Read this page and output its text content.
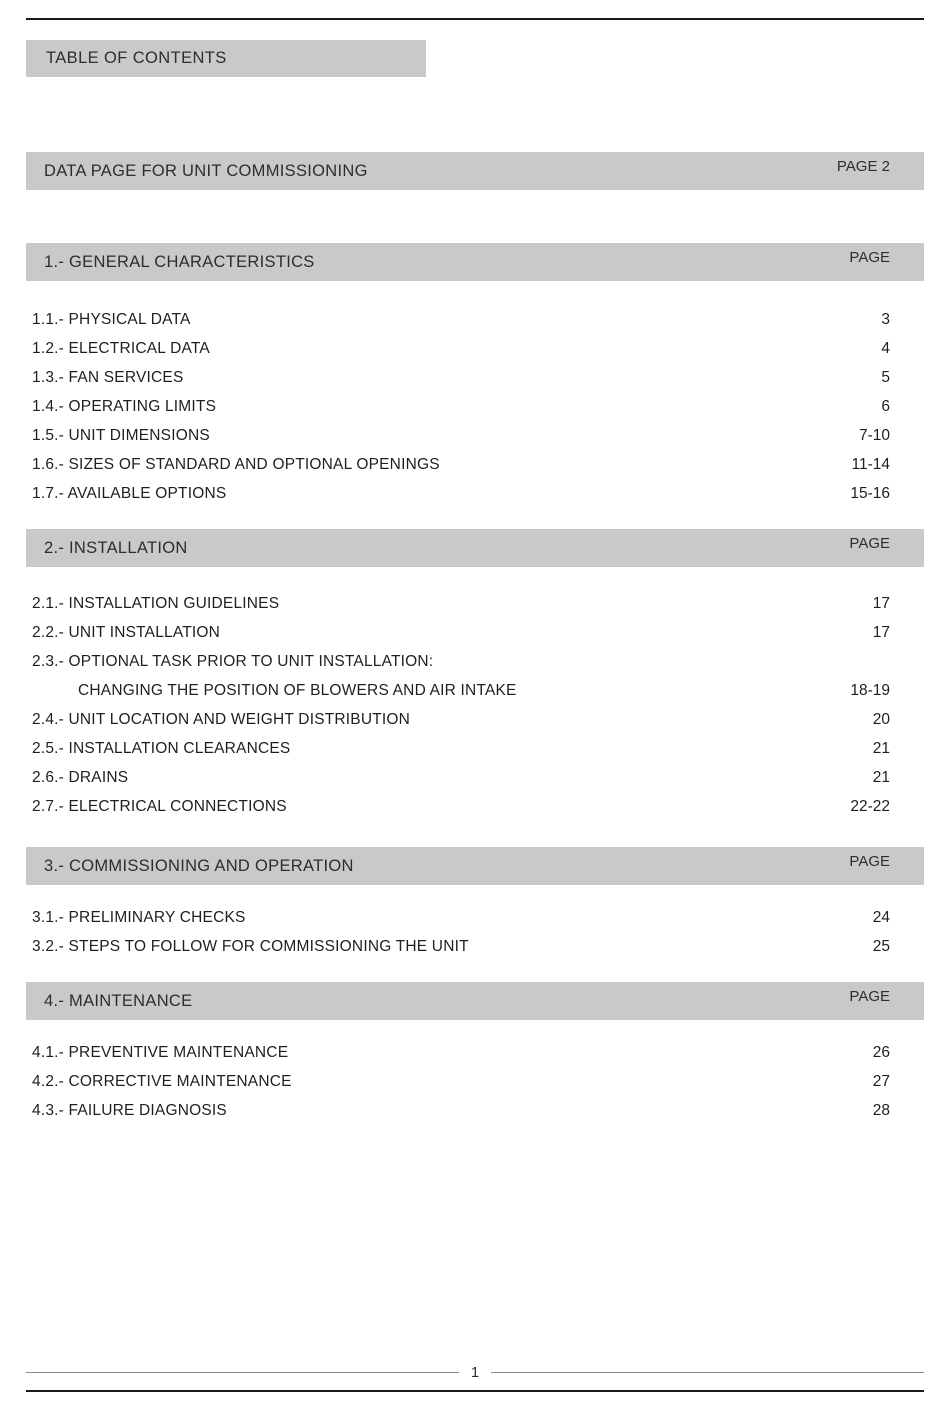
TABLE OF CONTENTS
DATA PAGE FOR UNIT COMMISSIONING	PAGE 2
1.- GENERAL CHARACTERISTICS	PAGE
1.1.- PHYSICAL DATA	3
1.2.- ELECTRICAL DATA	4
1.3.- FAN SERVICES	5
1.4.- OPERATING LIMITS	6
1.5.- UNIT DIMENSIONS	7-10
1.6.- SIZES OF STANDARD AND OPTIONAL OPENINGS	11-14
1.7.- AVAILABLE OPTIONS	15-16
2.- INSTALLATION	PAGE
2.1.- INSTALLATION GUIDELINES	17
2.2.- UNIT INSTALLATION	17
2.3.- OPTIONAL TASK PRIOR TO UNIT INSTALLATION:
CHANGING THE POSITION OF BLOWERS AND AIR INTAKE	18-19
2.4.- UNIT LOCATION AND WEIGHT DISTRIBUTION	20
2.5.- INSTALLATION CLEARANCES	21
2.6.- DRAINS	21
2.7.- ELECTRICAL CONNECTIONS	22-22
3.- COMMISSIONING AND OPERATION	PAGE
3.1.- PRELIMINARY CHECKS	24
3.2.- STEPS TO FOLLOW FOR COMMISSIONING THE UNIT	25
4.- MAINTENANCE	PAGE
4.1.- PREVENTIVE MAINTENANCE	26
4.2.- CORRECTIVE MAINTENANCE	27
4.3.- FAILURE DIAGNOSIS	28
1
